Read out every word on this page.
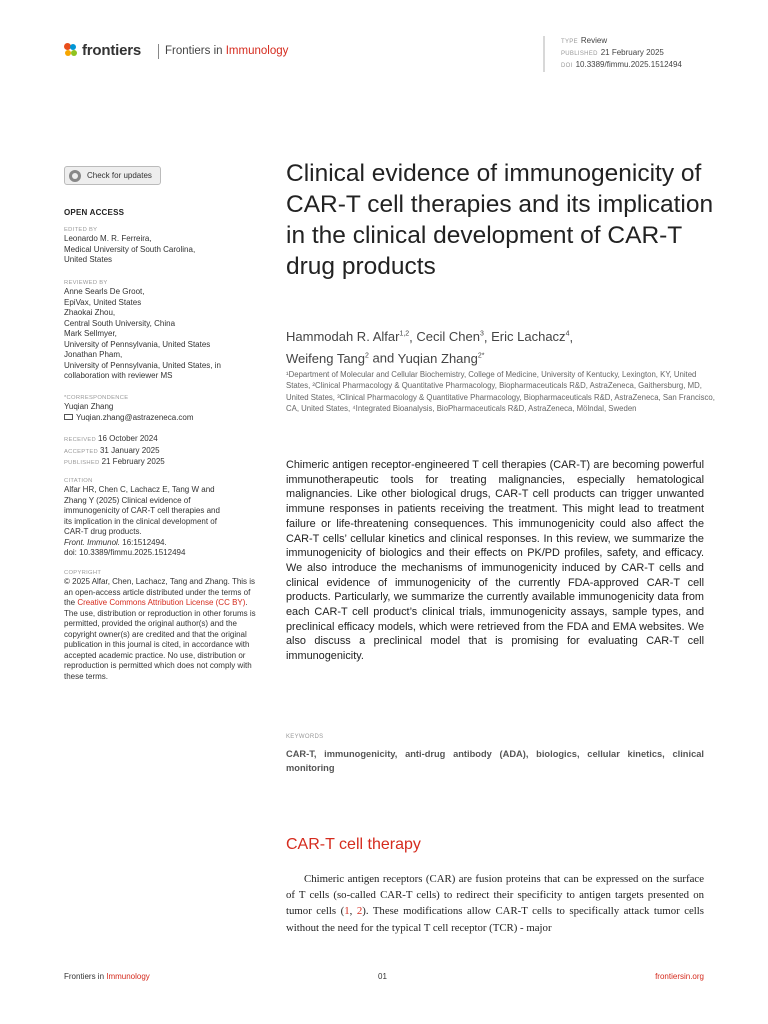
frontiers Frontiers in Immunology
TYPE Review
PUBLISHED 21 February 2025
DOI 10.3389/fimmu.2025.1512494
Check for updates
OPEN ACCESS
EDITED BY
Leonardo M. R. Ferreira,
Medical University of South Carolina,
United States
REVIEWED BY
Anne Searls De Groot,
EpiVax, United States
Zhaokai Zhou,
Central South University, China
Mark Sellmyer,
University of Pennsylvania, United States
Jonathan Pham,
University of Pennsylvania, United States, in
collaboration with reviewer MS
*CORRESPONDENCE
Yuqian Zhang
Yuqian.zhang@astrazeneca.com
RECEIVED 16 October 2024
ACCEPTED 31 January 2025
PUBLISHED 21 February 2025
CITATION
Alfar HR, Chen C, Lachacz E, Tang W and
Zhang Y (2025) Clinical evidence of
immunogenicity of CAR-T cell therapies and
its implication in the clinical development of
CAR-T drug products.
Front. Immunol. 16:1512494.
doi: 10.3389/fimmu.2025.1512494
COPYRIGHT
© 2025 Alfar, Chen, Lachacz, Tang and Zhang. This is an open-access article distributed under the terms of the Creative Commons Attribution License (CC BY). The use, distribution or reproduction in other forums is permitted, provided the original author(s) and the copyright owner(s) are credited and that the original publication in this journal is cited, in accordance with accepted academic practice. No use, distribution or reproduction is permitted which does not comply with these terms.
Clinical evidence of immunogenicity of CAR-T cell therapies and its implication in the clinical development of CAR-T drug products
Hammodah R. Alfar$^{1,2}$, Cecil Chen$^3$, Eric Lachacz$^4$,
Weifeng Tang$^2$ and Yuqian Zhang$^{2*}$
¹Department of Molecular and Cellular Biochemistry, College of Medicine, University of Kentucky, Lexington, KY, United States, ²Clinical Pharmacology & Quantitative Pharmacology, Biopharmaceuticals R&D, AstraZeneca, Gaithersburg, MD, United States, ³Clinical Pharmacology & Quantitative Pharmacology, Biopharmaceuticals R&D, AstraZeneca, San Francisco, CA, United States, ⁴Integrated Bioanalysis, BioPharmaceuticals R&D, AstraZeneca, Mölndal, Sweden
Chimeric antigen receptor-engineered T cell therapies (CAR-T) are becoming powerful immunotherapeutic tools for treating malignancies, especially hematological malignancies. Like other biological drugs, CAR-T cell products can trigger unwanted immune responses in patients receiving the treatment. This might lead to treatment failure or life-threatening consequences. This immunogenicity could also affect the CAR-T cells’ cellular kinetics and clinical responses. In this review, we summarize the immunogenicity of biologics and their effects on PK/PD profiles, safety, and efficacy. We also introduce the mechanisms of immunogenicity induced by CAR-T cells and clinical evidence of immunogenicity of the currently FDA-approved CAR-T cell products. Particularly, we summarize the currently available immunogenicity data from each CAR-T cell product’s clinical trials, immunogenicity assays, sample types, and preclinical efficacy models, which were retrieved from the FDA and EMA websites. We also discuss a preclinical model that is promising for evaluating CAR-T cell immunogenicity.
KEYWORDS
CAR-T, immunogenicity, anti-drug antibody (ADA), biologics, cellular kinetics, clinical monitoring
CAR-T cell therapy

Chimeric antigen receptors (CAR) are fusion proteins that can be expressed on the surface of T cells (so-called CAR-T cells) to redirect their specificity to antigen targets presented on tumor cells (1, 2). These modifications allow CAR-T cells to specifically attack tumor cells without the need for the typical T cell receptor (TCR) - major

Frontiers in Immunology	01	frontiersin.org
